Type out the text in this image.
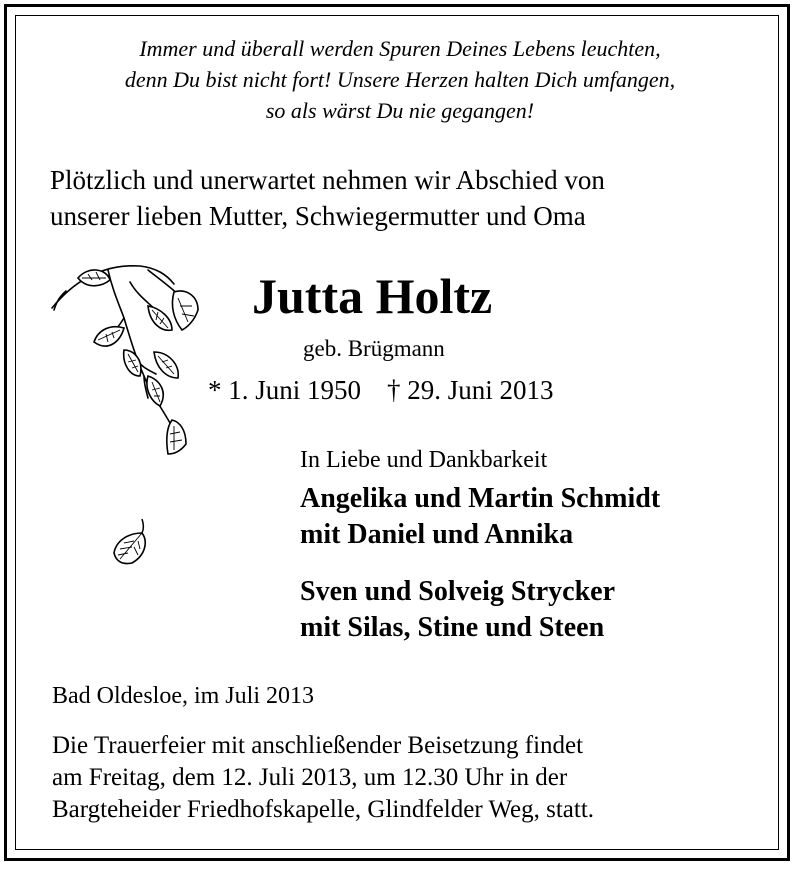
Immer und überall werden Spuren Deines Lebens leuchten,
denn Du bist nicht fort! Unsere Herzen halten Dich umfangen,
so als wärst Du nie gegangen!
Plötzlich und unerwartet nehmen wir Abschied von
unserer lieben Mutter, Schwiegermutter und Oma
Jutta Holtz
geb. Brügmann
* 1. Juni 1950 † 29. Juni 2013
In Liebe und Dankbarkeit
Angelika und Martin Schmidt
mit Daniel und Annika
Sven und Solveig Strycker
mit Silas, Stine und Steen
Bad Oldesloe, im Juli 2013
Die Trauerfeier mit anschließender Beisetzung findet
am Freitag, dem 12. Juli 2013, um 12.30 Uhr in der
Bargteheider Friedhofskapelle, Glindfelder Weg, statt.
